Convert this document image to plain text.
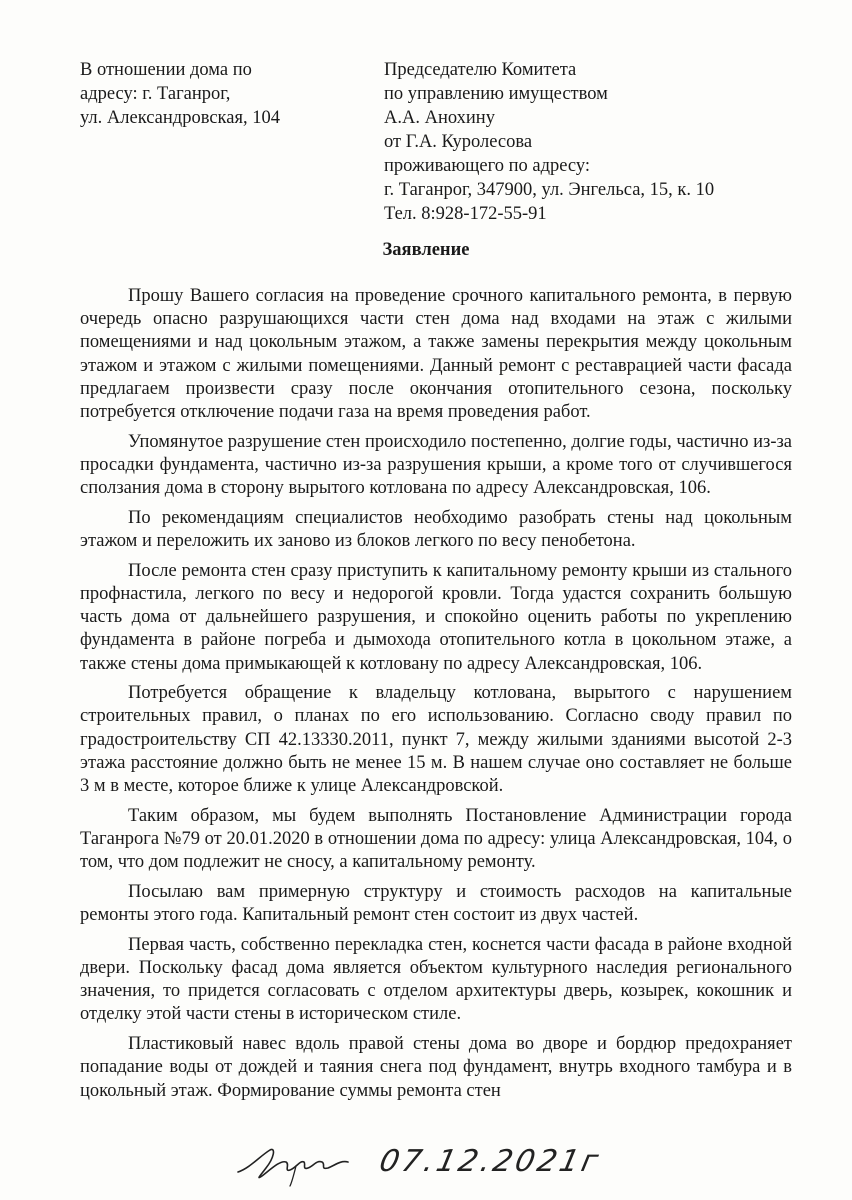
В отношении дома по
адресу: г. Таганрог,
ул. Александровская, 104
Председателю Комитета
по управлению имуществом
А.А. Анохину
от Г.А. Куролесова
проживающего по адресу:
г. Таганрог, 347900, ул. Энгельса, 15, к. 10
Тел. 8:928-172-55-91
Заявление

Прошу Вашего согласия на проведение срочного капитального ремонта, в первую очередь опасно разрушающихся части стен дома над входами на этаж с жилыми помещениями и над цокольным этажом, а также замены перекрытия между цокольным этажом и этажом с жилыми помещениями. Данный ремонт с реставрацией части фасада предлагаем произвести сразу после окончания отопительного сезона, поскольку потребуется отключение подачи газа на время проведения работ.

Упомянутое разрушение стен происходило постепенно, долгие годы, частично из-за просадки фундамента, частично из-за разрушения крыши, а кроме того от случившегося сползания дома в сторону вырытого котлована по адресу Александровская, 106.

По рекомендациям специалистов необходимо разобрать стены над цокольным этажом и переложить их заново из блоков легкого по весу пенобетона.

После ремонта стен сразу приступить к капитальному ремонту крыши из стального профнастила, легкого по весу и недорогой кровли. Тогда удастся сохранить большую часть дома от дальнейшего разрушения, и спокойно оценить работы по укреплению фундамента в районе погреба и дымохода отопительного котла в цокольном этаже, а также стены дома примыкающей к котловану по адресу Александровская, 106.

Потребуется обращение к владельцу котлована, вырытого с нарушением строительных правил, о планах по его использованию. Согласно своду правил по градостроительству СП 42.13330.2011, пункт 7, между жилыми зданиями высотой 2-3 этажа расстояние должно быть не менее 15 м. В нашем случае оно составляет не больше 3 м в месте, которое ближе к улице Александровской.

Таким образом, мы будем выполнять Постановление Администрации города Таганрога №79 от 20.01.2020 в отношении дома по адресу: улица Александровская, 104, о том, что дом подлежит не сносу, а капитальному ремонту.

Посылаю вам примерную структуру и стоимость расходов на капитальные ремонты этого года. Капитальный ремонт стен состоит из двух частей.

Первая часть, собственно перекладка стен, коснется части фасада в районе входной двери. Поскольку фасад дома является объектом культурного наследия регионального значения, то придется согласовать с отделом архитектуры дверь, козырек, кокошник и отделку этой части стены в историческом стиле.

Пластиковый навес вдоль правой стены дома во дворе и бордюр предохраняет попадание воды от дождей и таяния снега под фундамент, внутрь входного тамбура и в цокольный этаж. Формирование суммы ремонта стен

07.12.2021г
